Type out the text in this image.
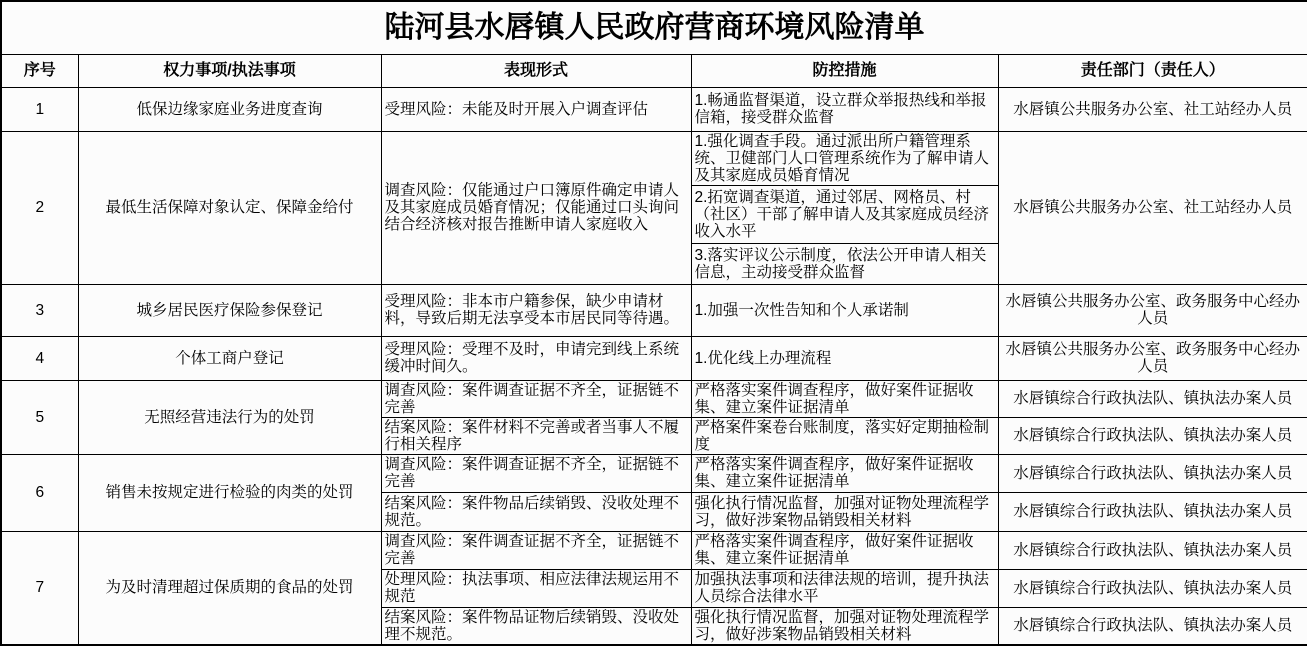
陆河县水唇镇人民政府营商环境风险清单				
序号	权力事项/执法事项	表现形式	防控措施	责任部门（责任人）
1	低保边缘家庭业务进度查询	受理风险：未能及时开展入户调查评估	1.畅通监督渠道，设立群众举报热线和举报信箱，接受群众监督	水唇镇公共服务办公室、社工站经办人员
2	最低生活保障对象认定、保障金给付	调查风险：仅能通过户口簿原件确定申请人及其家庭成员婚育情况；仅能通过口头询问结合经济核对报告推断申请人家庭收入	1.强化调查手段。通过派出所户籍管理系统、卫健部门人口管理系统作为了解申请人及其家庭成员婚育情况	水唇镇公共服务办公室、社工站经办人员
			2.拓宽调查渠道，通过邻居、网格员、村（社区）干部了解申请人及其家庭成员经济收入水平	
			3.落实评议公示制度，依法公开申请人相关信息，主动接受群众监督	
3	城乡居民医疗保险参保登记	受理风险：非本市户籍参保，缺少申请材料，导致后期无法享受本市居民同等待遇。	1.加强一次性告知和个人承诺制	水唇镇公共服务办公室、政务服务中心经办人员
4	个体工商户登记	受理风险：受理不及时，申请完到线上系统缓冲时间久。	1.优化线上办理流程	水唇镇公共服务办公室、政务服务中心经办人员
5	无照经营违法行为的处罚	调查风险：案件调查证据不齐全，证据链不完善	严格落实案件调查程序，做好案件证据收集、建立案件证据清单	水唇镇综合行政执法队、镇执法办案人员
		结案风险：案件材料不完善或者当事人不履行相关程序	严格案件案卷台账制度，落实好定期抽检制度	水唇镇综合行政执法队、镇执法办案人员
6	销售未按规定进行检验的肉类的处罚	调查风险：案件调查证据不齐全，证据链不完善	严格落实案件调查程序，做好案件证据收集、建立案件证据清单	水唇镇综合行政执法队、镇执法办案人员
		结案风险：案件物品后续销毁、没收处理不规范。	强化执行情况监督，加强对证物处理流程学习，做好涉案物品销毁相关材料	水唇镇综合行政执法队、镇执法办案人员
7	为及时清理超过保质期的食品的处罚	调查风险：案件调查证据不齐全，证据链不完善	严格落实案件调查程序，做好案件证据收集、建立案件证据清单	水唇镇综合行政执法队、镇执法办案人员
		处理风险：执法事项、相应法律法规运用不规范	加强执法事项和法律法规的培训，提升执法人员综合法律水平	水唇镇综合行政执法队、镇执法办案人员
		结案风险：案件物品证物后续销毁、没收处理不规范。	强化执行情况监督，加强对证物处理流程学习，做好涉案物品销毁相关材料	水唇镇综合行政执法队、镇执法办案人员
